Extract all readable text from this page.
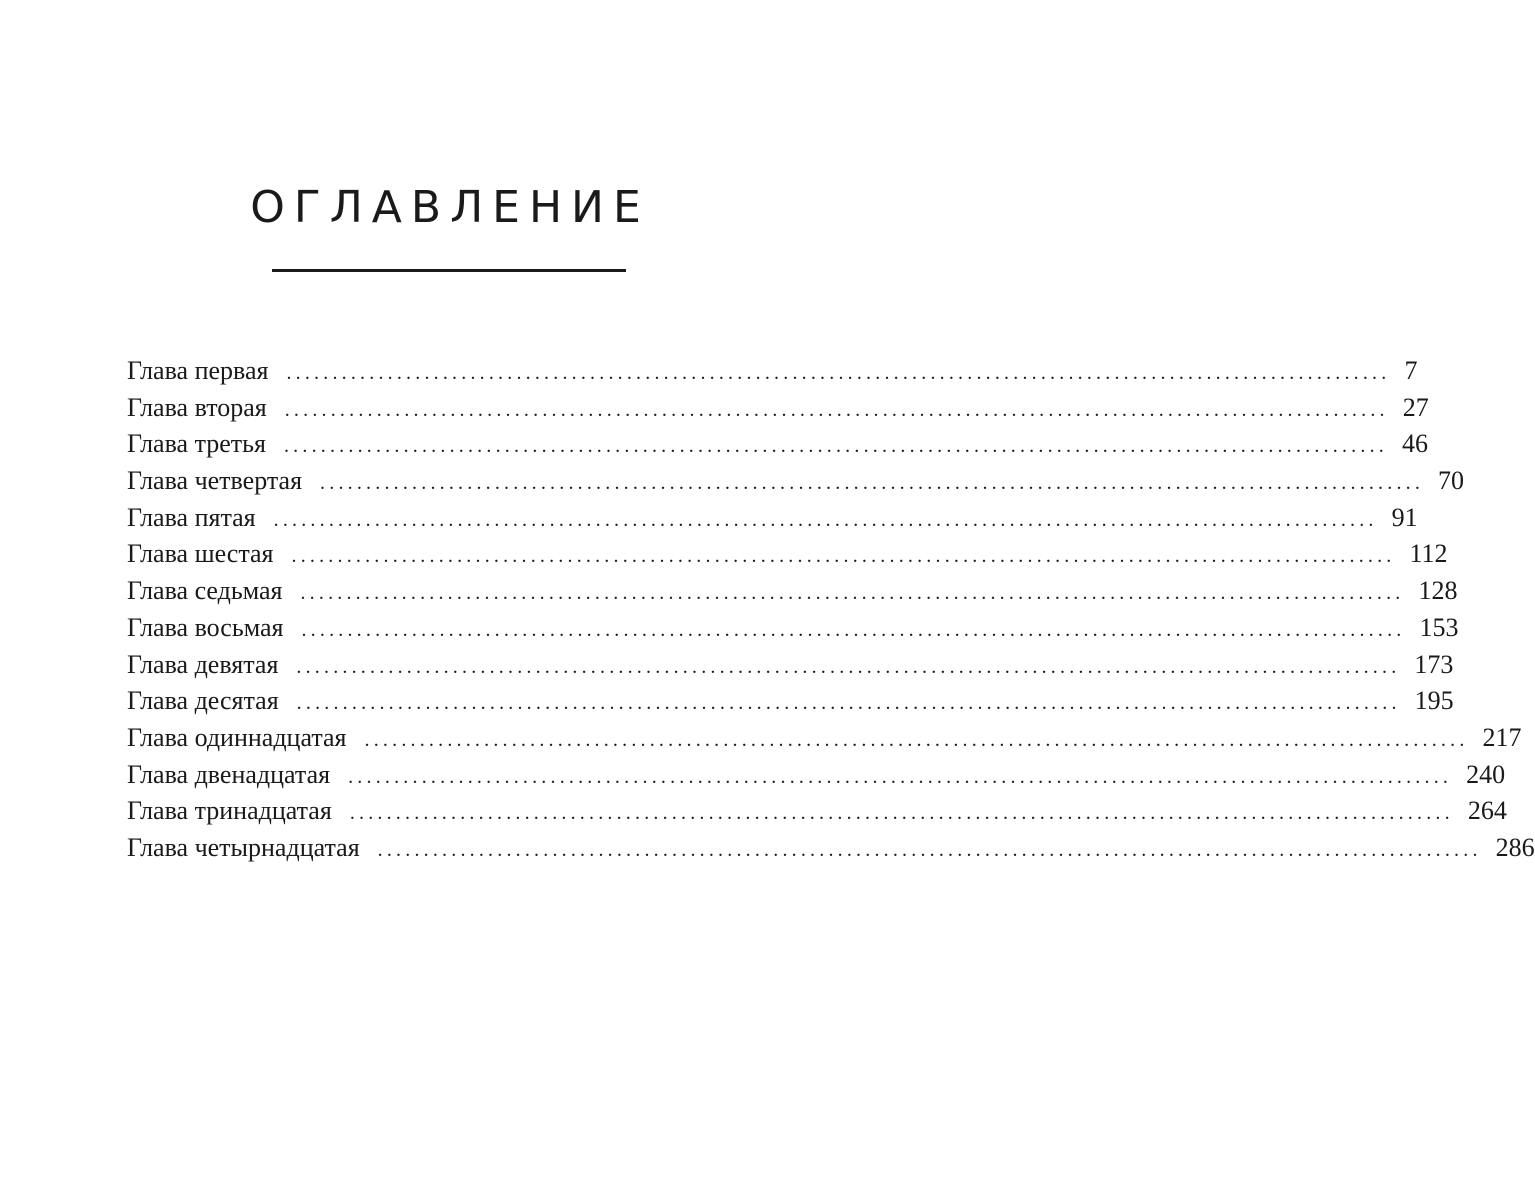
ОГЛАВЛЕНИЕ
Глава первая ........................................................................................................................ 7
Глава вторая ........................................................................................................................ 27
Глава третья ........................................................................................................................ 46
Глава четвертая ........................................................................................................................ 70
Глава пятая ........................................................................................................................ 91
Глава шестая ........................................................................................................................ 112
Глава седьмая ........................................................................................................................ 128
Глава восьмая ........................................................................................................................ 153
Глава девятая ........................................................................................................................ 173
Глава десятая ........................................................................................................................ 195
Глава одиннадцатая ........................................................................................................................ 217
Глава двенадцатая ........................................................................................................................ 240
Глава тринадцатая ........................................................................................................................ 264
Глава четырнадцатая ........................................................................................................................ 286
